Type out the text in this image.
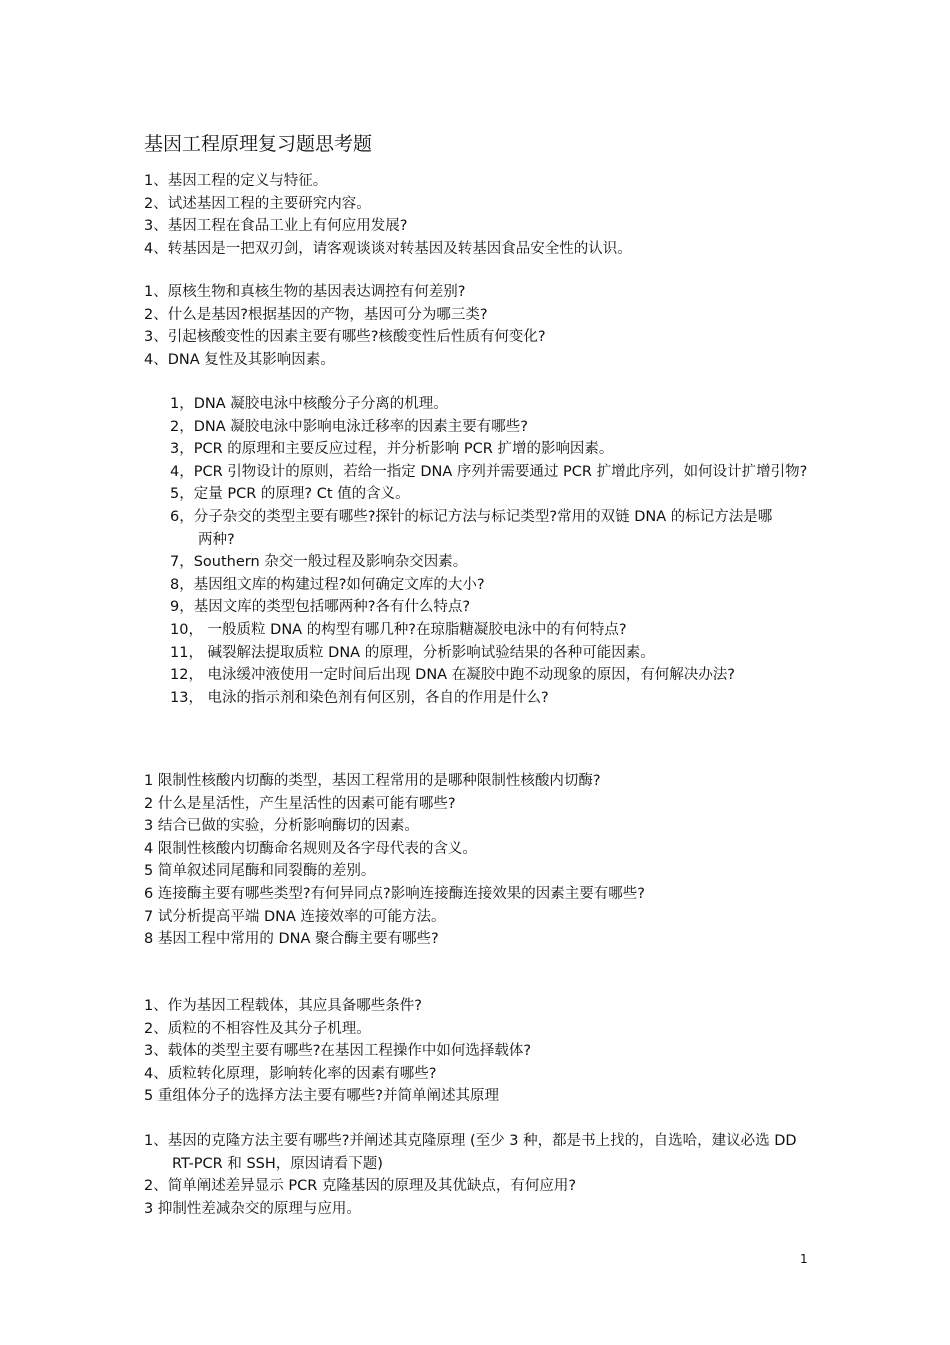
基因工程原理复习题思考题
1、基因工程的定义与特征。
2、试述基因工程的主要研究内容。
3、基因工程在食品工业上有何应用发展?
4、转基因是一把双刃剑，请客观谈谈对转基因及转基因食品安全性的认识。
1、原核生物和真核生物的基因表达调控有何差别?
2、什么是基因?根据基因的产物，基因可分为哪三类?
3、引起核酸变性的因素主要有哪些?核酸变性后性质有何变化?
4、DNA 复性及其影响因素。
1，DNA 凝胶电泳中核酸分子分离的机理。
2，DNA 凝胶电泳中影响电泳迁移率的因素主要有哪些?
3，PCR 的原理和主要反应过程，并分析影响 PCR 扩增的影响因素。
4，PCR 引物设计的原则，若给一指定 DNA 序列并需要通过 PCR 扩增此序列，如何设计扩增引物?
5，定量 PCR 的原理? Ct 值的含义。
6，分子杂交的类型主要有哪些?探针的标记方法与标记类型?常用的双链 DNA 的标记方法是哪两种?
7，Southern 杂交一般过程及影响杂交因素。
8，基因组文库的构建过程?如何确定文库的大小?
9，基因文库的类型包括哪两种?各有什么特点?
10， 一般质粒 DNA 的构型有哪几种?在琼脂糖凝胶电泳中的有何特点?
11， 碱裂解法提取质粒 DNA 的原理，分析影响试验结果的各种可能因素。
12， 电泳缓冲液使用一定时间后出现 DNA 在凝胶中跑不动现象的原因，有何解决办法?
13， 电泳的指示剂和染色剂有何区别，各自的作用是什么?
1 限制性核酸内切酶的类型，基因工程常用的是哪种限制性核酸内切酶?
2 什么是星活性，产生星活性的因素可能有哪些?
3 结合已做的实验，分析影响酶切的因素。
4 限制性核酸内切酶命名规则及各字母代表的含义。
5 简单叙述同尾酶和同裂酶的差别。
6 连接酶主要有哪些类型?有何异同点?影响连接酶连接效果的因素主要有哪些?
7 试分析提高平端 DNA 连接效率的可能方法。
8 基因工程中常用的 DNA 聚合酶主要有哪些?
1、作为基因工程载体，其应具备哪些条件?
2、质粒的不相容性及其分子机理。
3、载体的类型主要有哪些?在基因工程操作中如何选择载体?
4、质粒转化原理，影响转化率的因素有哪些?
5 重组体分子的选择方法主要有哪些?并简单阐述其原理
1、基因的克隆方法主要有哪些?并阐述其克隆原理 (至少 3 种，都是书上找的，自选哈，建议必选 DD RT-PCR 和 SSH，原因请看下题)
2、简单阐述差异显示 PCR 克隆基因的原理及其优缺点，有何应用?
3 抑制性差减杂交的原理与应用。
1
